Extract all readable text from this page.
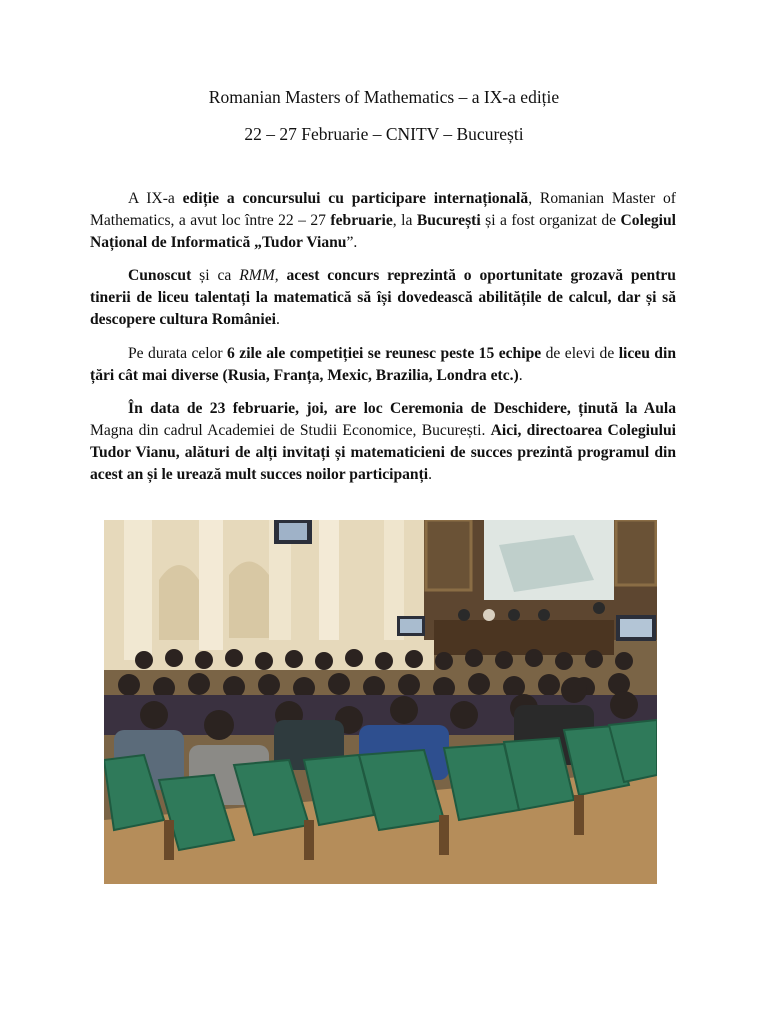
Romanian Masters of Mathematics – a IX-a ediție
22 – 27 Februarie – CNITV – București

A IX-a ediție a concursului cu participare internațională, Romanian Master of Mathematics, a avut loc între 22 – 27 februarie, la București și a fost organizat de Colegiul Național de Informatică „Tudor Vianu”.

Cunoscut și ca RMM, acest concurs reprezintă o oportunitate grozavă pentru tinerii de liceu talentați la matematică să își dovedească abilitățile de calcul, dar și să descopere cultura României.

Pe durata celor 6 zile ale competiției se reunesc peste 15 echipe de elevi de liceu din țări cât mai diverse (Rusia, Franța, Mexic, Brazilia, Londra etc.).

În data de 23 februarie, joi, are loc Ceremonia de Deschidere, ținută la Aula Magna din cadrul Academiei de Studii Economice, București. Aici, directoarea Colegiului Tudor Vianu, alături de alți invitați și matematicieni de succes prezintă programul din acest an și le urează mult succes noilor participanți.
